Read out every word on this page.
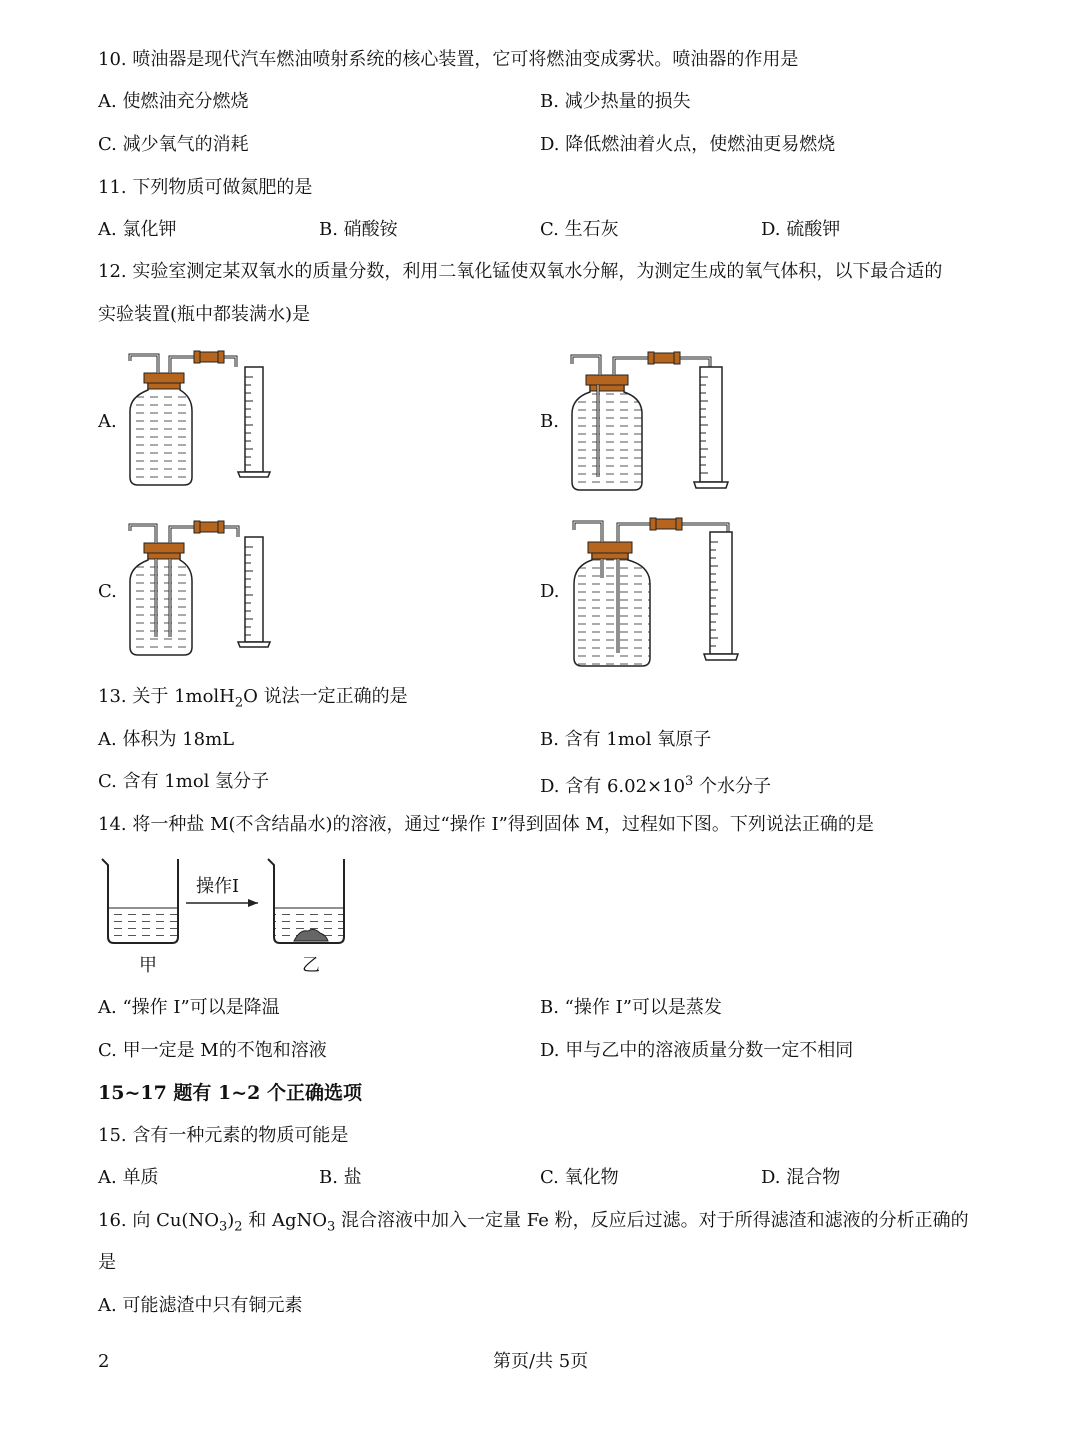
10. 喷油器是现代汽车燃油喷射系统的核心装置，它可将燃油变成雾状。喷油器的作用是
A. 使燃油充分燃烧	B. 减少热量的损失
C. 减少氧气的消耗	D. 降低燃油着火点，使燃油更易燃烧
11. 下列物质可做氮肥的是
A. 氯化钾	B. 硝酸铵	C. 生石灰	D. 硫酸钾
12. 实验室测定某双氧水的质量分数，利用二氧化锰使双氧水分解，为测定生成的氧气体积，以下最合适的
实验装置(瓶中都装满水)是
A.	B.
C.	D.
13. 关于 1molH$_2$O 说法一定正确的是
A. 体积为 18mL	B. 含有 1mol 氧原子
C. 含有 1mol 氢分子	D. 含有 $6.02\times 10^3$ 个水分子
14. 将一种盐 M(不含结晶水)的溶液，通过“操作 I”得到固体 M，过程如下图。下列说法正确的是
操作I
甲	乙
A. “操作 I”可以是降温	B. “操作 I”可以是蒸发
C. 甲一定是 M的不饱和溶液	D. 甲与乙中的溶液质量分数一定不相同
15~17 题有 1~2 个正确选项
15. 含有一种元素的物质可能是
A. 单质	B. 盐	C. 氧化物	D. 混合物
16. 向 $Cu(NO_3)_2$ 和 AgNO$_3$ 混合溶液中加入一定量 Fe 粉，反应后过滤。对于所得滤渣和滤液的分析正确的
是
A. 可能滤渣中只有铜元素
2	第页/共 5页
